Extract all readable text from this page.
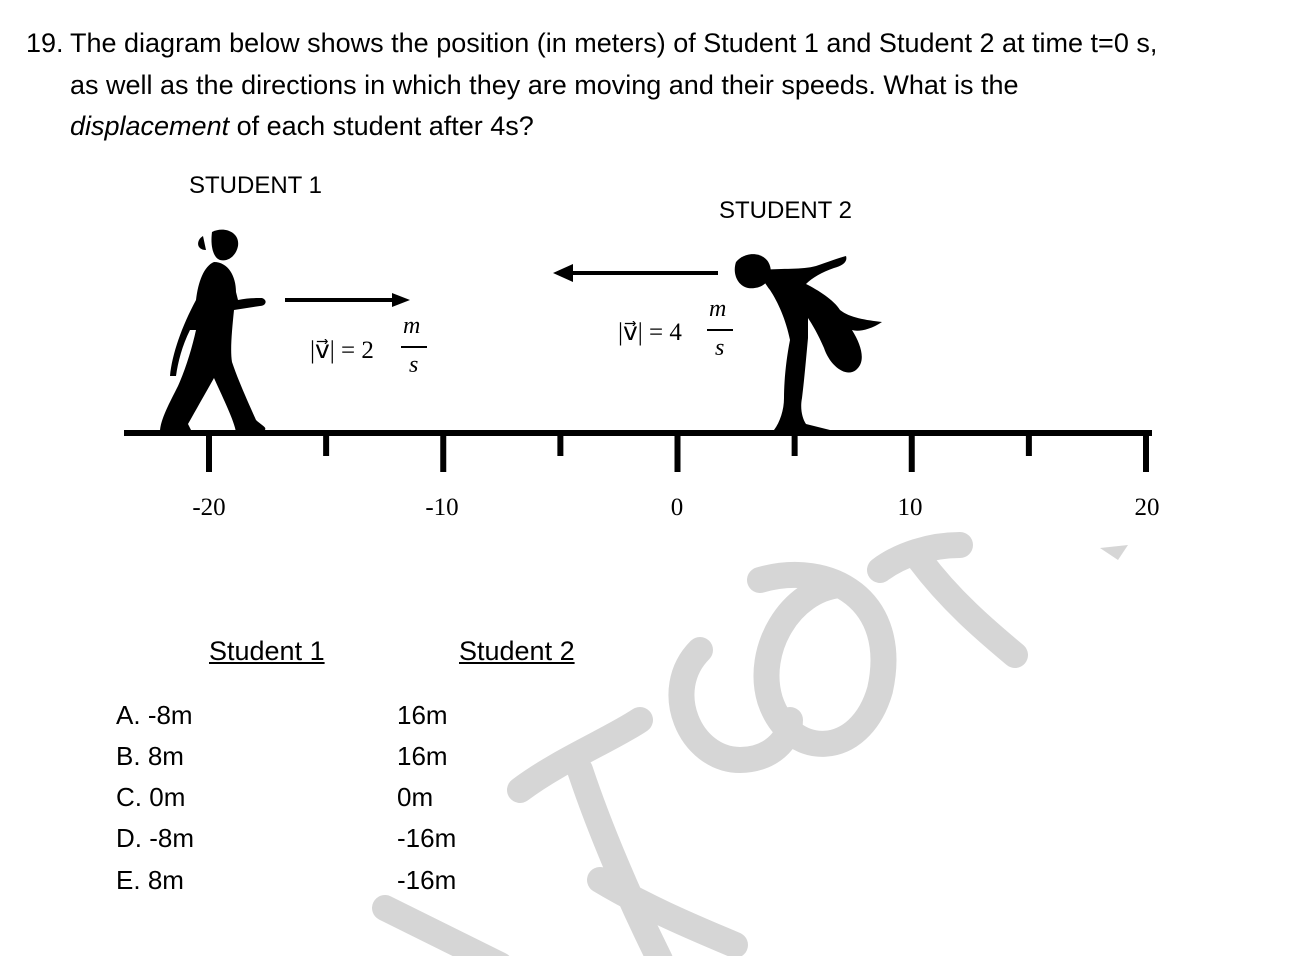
19. The diagram below shows the position (in meters) of Student 1 and Student 2 at time t=0 s,
as well as the directions in which they are moving and their speeds. What is the
displacement of each student after 4s?
STUDENT 1
STUDENT 2
|v⃗| = 2
m
s
|v⃗| = 4
m
s
-20	-10	0	10	20
Student 1	Student 2
A. -8m	16m
B. 8m	16m
C. 0m	0m
D. -8m	-16m
E. 8m	-16m
